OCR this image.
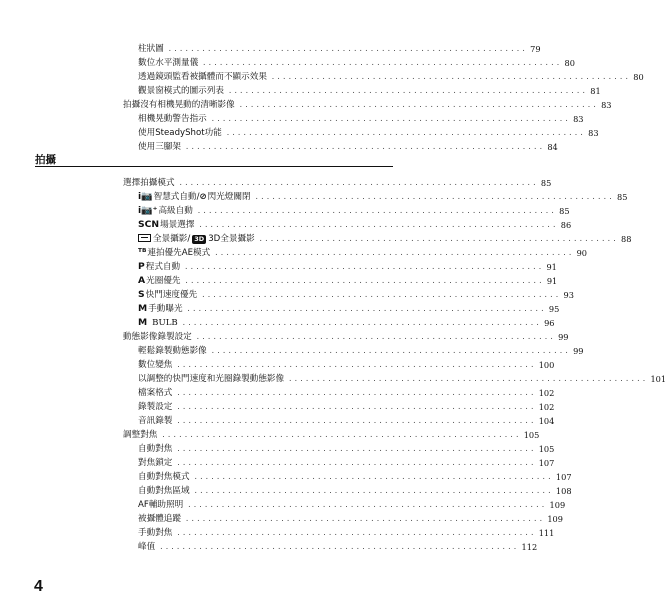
柱狀圖 ................................................................ 79
數位水平測量儀 ................................................................ 80
透過鏡頭監看被攝體而不顯示效果 ................................................................ 80
觀景窗模式的圖示列表 ................................................................ 81
拍攝沒有相機晃動的清晰影像 ................................................................ 83
相機晃動警告指示 ................................................................ 83
使用SteadyShot功能 ................................................................ 83
使用三腳架 ................................................................ 84
拍攝
選擇拍攝模式 ................................................................ 85
i📷智慧式自動/⊘閃光燈關閉 ................................................................ 85
i📷⁺高級自動 ................................................................ 85
SCN場景選擇 ................................................................ 86
全景攝影/ 3D 3D全景攝影 ................................................................ 88
ᵀᴮ連拍優先AE模式 ................................................................ 90
P程式自動 ................................................................ 91
A光圈優先 ................................................................ 91
S快門速度優先 ................................................................ 93
M手動曝光 ................................................................ 95
M BULB ................................................................ 96
動態影像錄製設定 ................................................................ 99
輕鬆錄製動態影像 ................................................................ 99
數位變焦 ................................................................ 100
以調整的快門速度和光圈錄製動態影像 ................................................................ 101
檔案格式 ................................................................ 102
錄製設定 ................................................................ 102
音訊錄製 ................................................................ 104
調整對焦 ................................................................ 105
自動對焦 ................................................................ 105
對焦鎖定 ................................................................ 107
自動對焦模式 ................................................................ 107
自動對焦區域 ................................................................ 108
AF輔助照明 ................................................................ 109
被攝體追蹤 ................................................................ 109
手動對焦 ................................................................ 111
峰值 ................................................................ 112
4
